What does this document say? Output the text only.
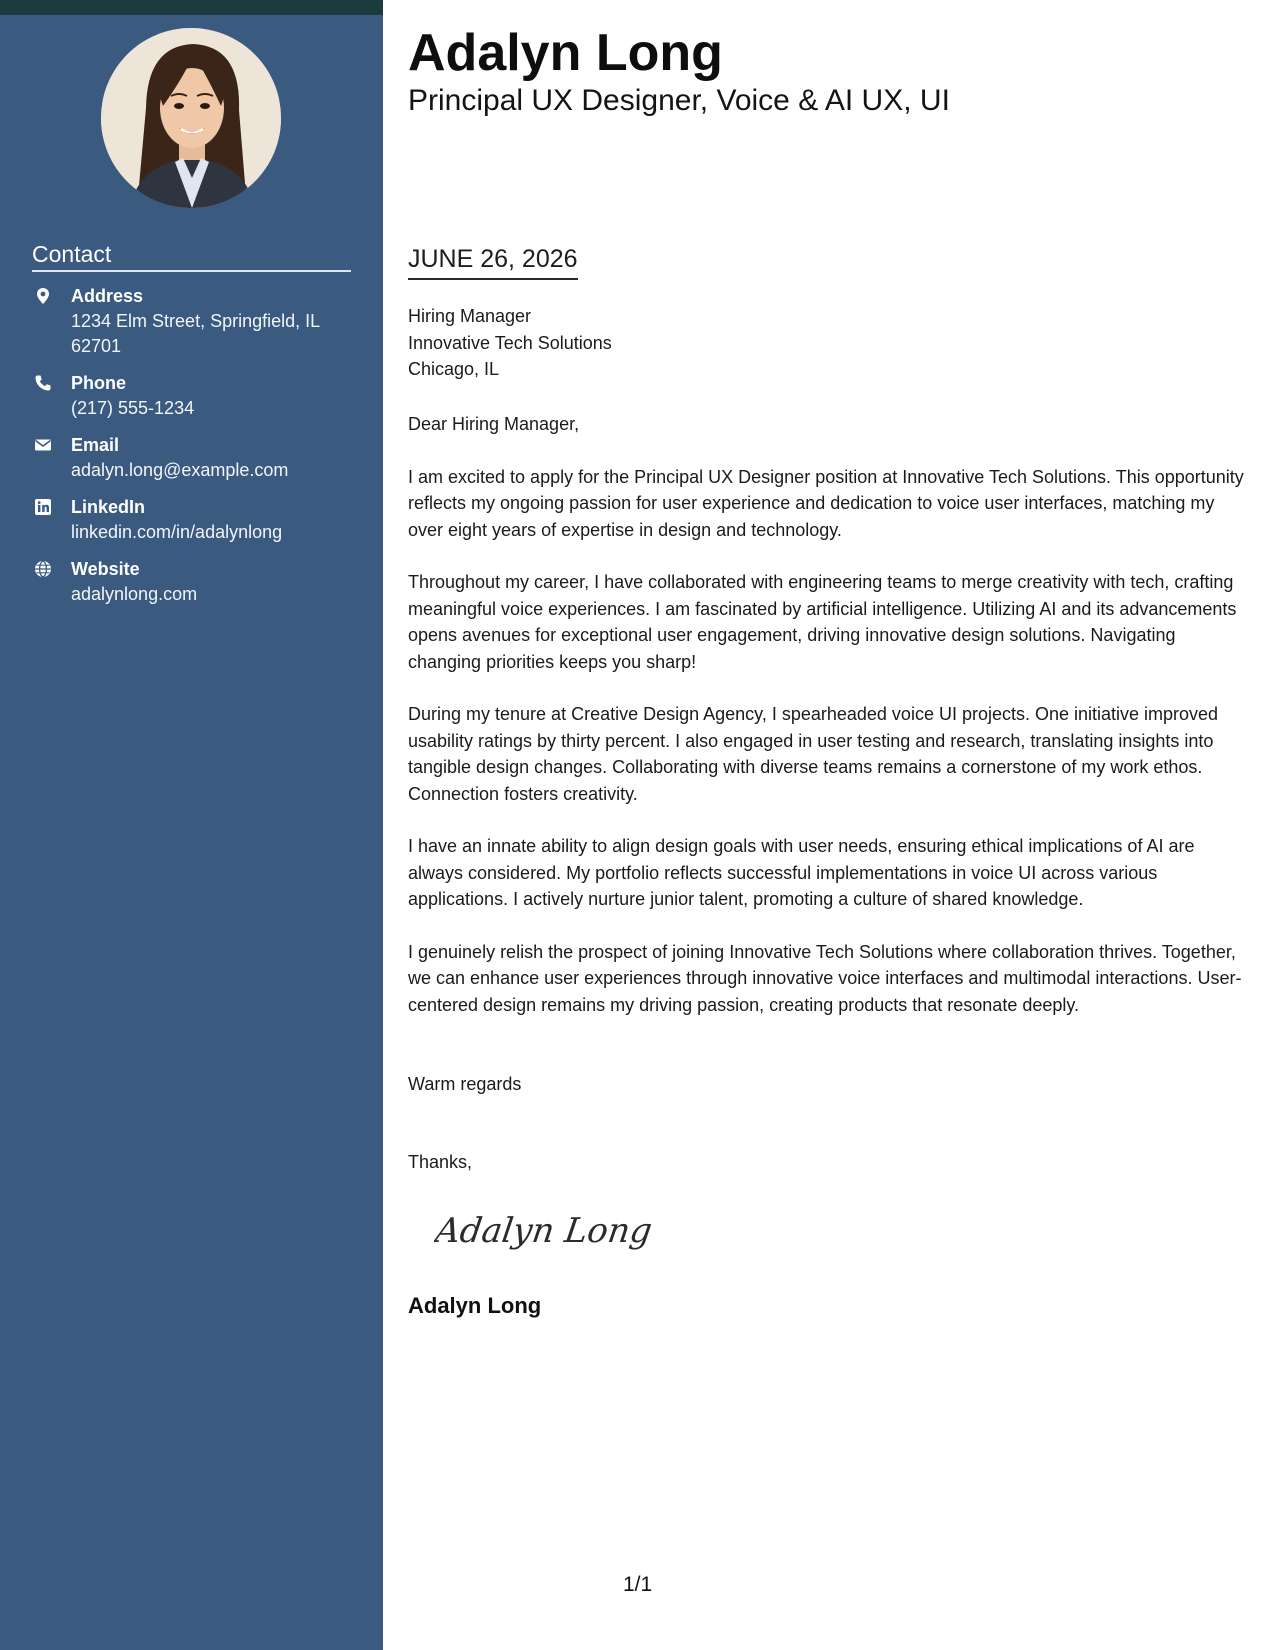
Contact
Address
1234 Elm Street, Springfield, IL 62701
Phone
(217) 555-1234
Email
adalyn.long@example.com
LinkedIn
linkedin.com/in/adalynlong
Website
adalynlong.com
Adalyn Long
Principal UX Designer, Voice & AI UX, UI
JUNE 26, 2026
Hiring Manager
Innovative Tech Solutions
Chicago, IL

Dear Hiring Manager,

I am excited to apply for the Principal UX Designer position at Innovative Tech Solutions. This opportunity reflects my ongoing passion for user experience and dedication to voice user interfaces, matching my over eight years of expertise in design and technology.

Throughout my career, I have collaborated with engineering teams to merge creativity with tech, crafting meaningful voice experiences. I am fascinated by artificial intelligence. Utilizing AI and its advancements opens avenues for exceptional user engagement, driving innovative design solutions. Navigating changing priorities keeps you sharp!

During my tenure at Creative Design Agency, I spearheaded voice UI projects. One initiative improved usability ratings by thirty percent. I also engaged in user testing and research, translating insights into tangible design changes. Collaborating with diverse teams remains a cornerstone of my work ethos. Connection fosters creativity.

I have an innate ability to align design goals with user needs, ensuring ethical implications of AI are always considered. My portfolio reflects successful implementations in voice UI across various applications. I actively nurture junior talent, promoting a culture of shared knowledge.

I genuinely relish the prospect of joining Innovative Tech Solutions where collaboration thrives. Together, we can enhance user experiences through innovative voice interfaces and multimodal interactions. User-centered design remains my driving passion, creating products that resonate deeply.

Warm regards
Thanks,
Adalyn Long
Adalyn Long
1/1
